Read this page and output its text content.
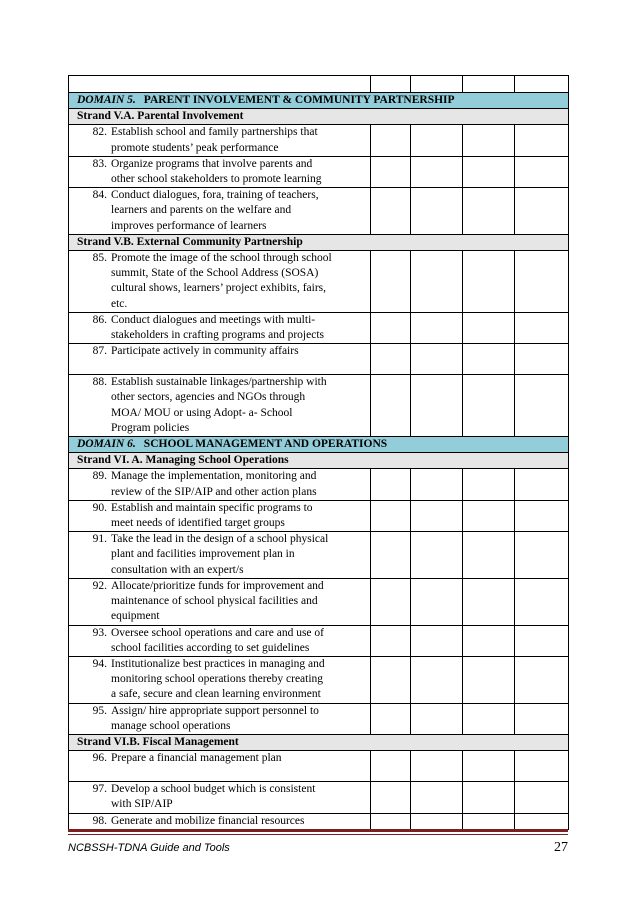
DOMAIN 5. PARENT INVOLVEMENT & COMMUNITY PARTNERSHIP				
Strand V.A. Parental Involvement				

82. Establish school and family partnerships that
promote students’ peak performance				

83. Organize programs that involve parents and
other school stakeholders to promote learning				

84. Conduct dialogues, fora, training of teachers,
learners and parents on the welfare and
improves performance of learners				

Strand V.B. External Community Partnership				

85. Promote the image of the school through school
summit, State of the School Address (SOSA)
cultural shows, learners’ project exhibits, fairs,
etc.				

86. Conduct dialogues and meetings with multi-
stakeholders in crafting programs and projects				

87. Participate actively in community affairs				

88. Establish sustainable linkages/partnership with
other sectors, agencies and NGOs through
MOA/ MOU or using Adopt- a- School
Program policies				

DOMAIN 6. SCHOOL MANAGEMENT AND OPERATIONS				
Strand VI. A. Managing School Operations				

89. Manage the implementation, monitoring and
review of the SIP/AIP and other action plans				

90. Establish and maintain specific programs to
meet needs of identified target groups				

91. Take the lead in the design of a school physical
plant and facilities improvement plan in
consultation with an expert/s				

92. Allocate/prioritize funds for improvement and
maintenance of school physical facilities and
equipment				

93. Oversee school operations and care and use of
school facilities according to set guidelines				

94. Institutionalize best practices in managing and
monitoring school operations thereby creating
a safe, secure and clean learning environment				

95. Assign/ hire appropriate support personnel to
manage school operations				

Strand VI.B. Fiscal Management				

96. Prepare a financial management plan				

97. Develop a school budget which is consistent
with SIP/AIP				

98. Generate and mobilize financial resources				

NCBSSH-TDNA Guide and Tools	27
